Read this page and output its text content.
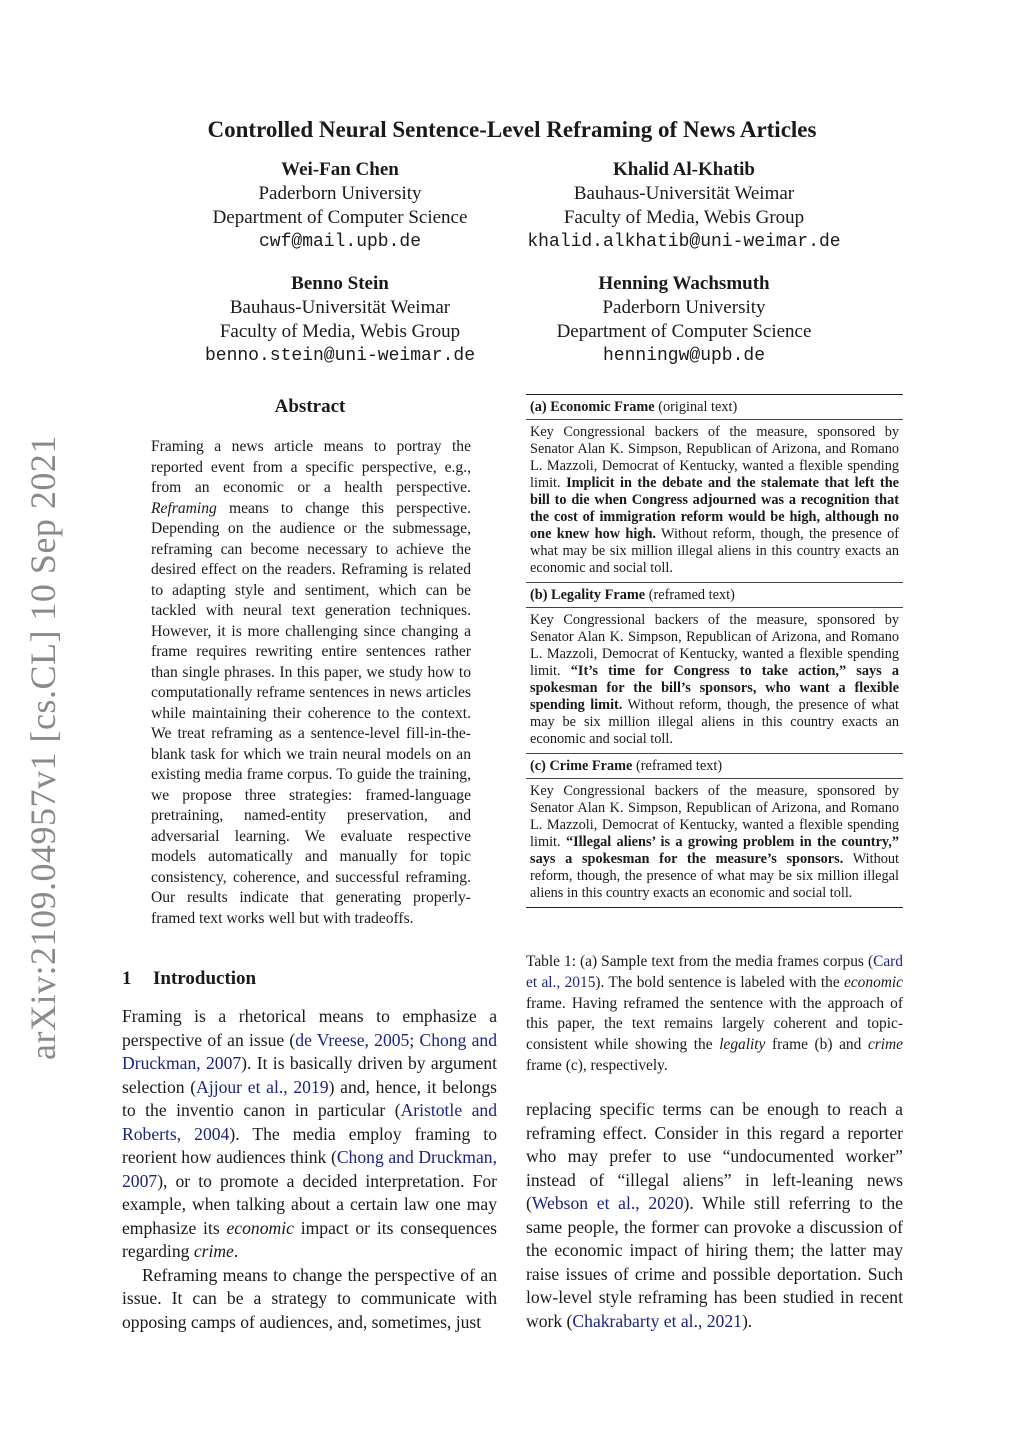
Controlled Neural Sentence-Level Reframing of News Articles
Wei-Fan Chen
Paderborn University
Department of Computer Science
cwf@mail.upb.de
Khalid Al-Khatib
Bauhaus-Universität Weimar
Faculty of Media, Webis Group
khalid.alkhatib@uni-weimar.de
Benno Stein
Bauhaus-Universität Weimar
Faculty of Media, Webis Group
benno.stein@uni-weimar.de
Henning Wachsmuth
Paderborn University
Department of Computer Science
henningw@upb.de
arXiv:2109.04957v1 [cs.CL] 10 Sep 2021
Abstract
Framing a news article means to portray the reported event from a specific perspective, e.g., from an economic or a health perspective. Reframing means to change this perspective. Depending on the audience or the submessage, reframing can become necessary to achieve the desired effect on the readers. Reframing is related to adapting style and sentiment, which can be tackled with neural text generation techniques. However, it is more challenging since changing a frame requires rewriting entire sentences rather than single phrases. In this paper, we study how to computationally reframe sentences in news articles while maintaining their coherence to the context. We treat reframing as a sentence-level fill-in-the-blank task for which we train neural models on an existing media frame corpus. To guide the training, we propose three strategies: framed-language pretraining, named-entity preservation, and adversarial learning. We evaluate respective models automatically and manually for topic consistency, coherence, and successful reframing. Our results indicate that generating properly-framed text works well but with tradeoffs.
1 Introduction

Framing is a rhetorical means to emphasize a perspective of an issue (de Vreese, 2005; Chong and Druckman, 2007). It is basically driven by argument selection (Ajjour et al., 2019) and, hence, it belongs to the inventio canon in particular (Aristotle and Roberts, 2004). The media employ framing to reorient how audiences think (Chong and Druckman, 2007), or to promote a decided interpretation. For example, when talking about a certain law one may emphasize its economic impact or its consequences regarding crime.

Reframing means to change the perspective of an issue. It can be a strategy to communicate with opposing camps of audiences, and, sometimes, just

replacing specific terms can be enough to reach a reframing effect. Consider in this regard a reporter who may prefer to use “undocumented worker” instead of “illegal aliens” in left-leaning news (Webson et al., 2020). While still referring to the same people, the former can provoke a discussion of the economic impact of hiring them; the latter may raise issues of crime and possible deportation. Such low-level style reframing has been studied in recent work (Chakrabarty et al., 2021).

(a) Economic Frame (original text)
Key Congressional backers of the measure, sponsored by Senator Alan K. Simpson, Republican of Arizona, and Romano L. Mazzoli, Democrat of Kentucky, wanted a flexible spending limit. Implicit in the debate and the stalemate that left the bill to die when Congress adjourned was a recognition that the cost of immigration reform would be high, although no one knew how high. Without reform, though, the presence of what may be six million illegal aliens in this country exacts an economic and social toll.
(b) Legality Frame (reframed text)
Key Congressional backers of the measure, sponsored by Senator Alan K. Simpson, Republican of Arizona, and Romano L. Mazzoli, Democrat of Kentucky, wanted a flexible spending limit. “It’s time for Congress to take action,” says a spokesman for the bill’s sponsors, who want a flexible spending limit. Without reform, though, the presence of what may be six million illegal aliens in this country exacts an economic and social toll.
(c) Crime Frame (reframed text)
Key Congressional backers of the measure, sponsored by Senator Alan K. Simpson, Republican of Arizona, and Romano L. Mazzoli, Democrat of Kentucky, wanted a flexible spending limit. “Illegal aliens’ is a growing problem in the country,” says a spokesman for the measure’s sponsors. Without reform, though, the presence of what may be six million illegal aliens in this country exacts an economic and social toll.
Table 1: (a) Sample text from the media frames corpus (Card et al., 2015). The bold sentence is labeled with the economic frame. Having reframed the sentence with the approach of this paper, the text remains largely coherent and topic-consistent while showing the legality frame (b) and crime frame (c), respectively.
